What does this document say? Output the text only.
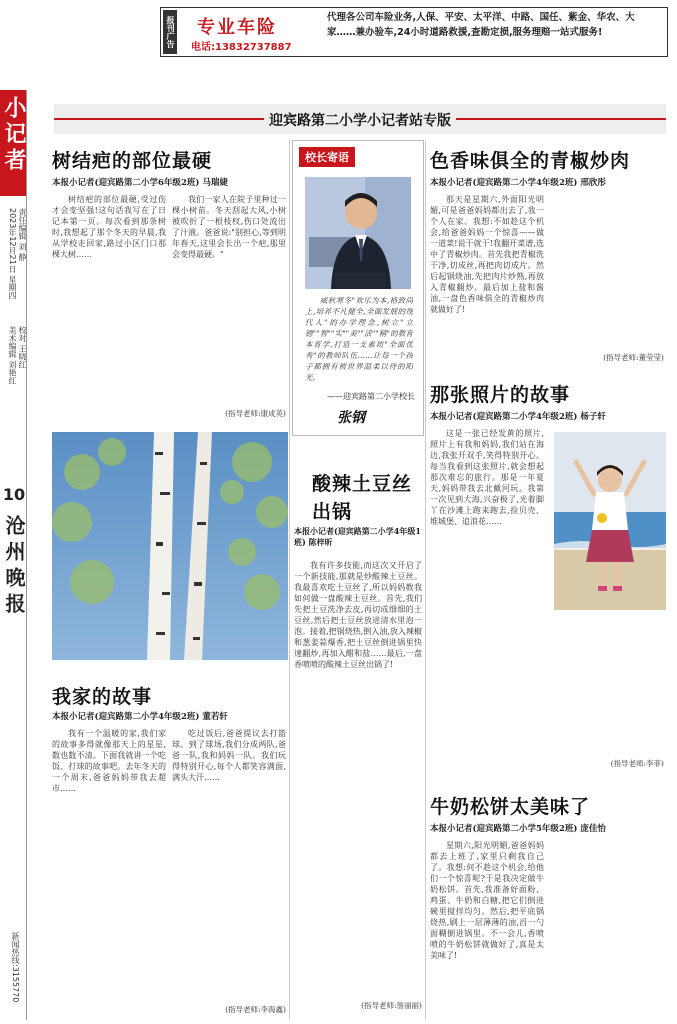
报刊广告 专业车险
电话:13832737887
代理各公司车险业务,人保、平安、太平洋、中路、国任、紫金、华农、大家……兼办验车,24小时道路救援,查勘定损,服务理赔一站式服务!
小记者
2023年12月21日 星期四 责任编辑 刘 静
美术编辑 刘艳红 校对 王晓红
10
沧州晚报
新闻热线:3155770
迎宾路第二小学小记者站专版
树结疤的部位最硬
本报小记者(迎宾路第二小学6年级2班) 马瑞婕
树结疤的部位最硬,受过伤才会变坚强!这句话我写在了日记本第一页。每次看到那条树时,我想起了那个冬天的早晨,我从学校走回家,路过小区门口那棵大树……
我们一家人在院子里种过一棵小树苗。冬天刮起大风,小树被吹折了一根枝杈,伤口处流出了汁液。爸爸说:"别担心,等到明年春天,这里会长出一个疤,那里会变得最硬。"
(指导老师:康成英)
我家的故事
本报小记者(迎宾路第二小学4年级2班) 董若轩
我有一个温暖的家,我们家的故事多得就像那天上的星星,数也数不清。下面我就讲一个吃饭、打球的故事吧。去年冬天的一个周末,爸爸妈妈带我去超市……
吃过饭后,爸爸提议去打篮球。到了球场,我们分成两队,爸爸一队,我和妈妈一队。我们玩得特别开心,每个人都笑容满面,满头大汗……
(指导老师:李海鑫)
校长寄语
威秋寒冬"欢乐为本,格致尚上,培养不凡健全,全面发展的现代人"的办学理念,树立"立德""智""实""美""活""精"的教育本育学,打造一支素质"全面优秀"的教师队伍……让每一个孩子都拥有被世界温柔以待的阳光。
——迎宾路第二小学校长
张钢
酸辣土豆丝出锅
本报小记者(迎宾路第二小学4年级1班) 陈梓昕
我有许多技能,而这次又开启了一个新技能,那就是炒酸辣土豆丝。我最喜欢吃土豆丝了,所以妈妈教我如何做一盘酸辣土豆丝。首先,我们先把土豆洗净去皮,再切成细细的土豆丝,然后把土豆丝放进清水里泡一泡。接着,把锅烧热,倒入油,放入辣椒和葱姜蒜爆香,把土豆丝倒进锅里快速翻炒,再加入醋和盐……最后,一盘香喷喷的酸辣土豆丝出锅了!
(指导老师:詹丽丽)
色香味俱全的青椒炒肉
本报小记者(迎宾路第二小学4年级2班) 邢欣彤
那天是星期六,外面阳光明媚,可是爸爸妈妈都出去了,我一个人在家。我想:不如趁这个机会,给爸爸妈妈一个惊喜——做一道菜!说干就干!我翻开菜谱,选中了青椒炒肉。首先我把青椒洗干净,切成丝,再把肉切成片。然后起锅烧油,先把肉片炒熟,再放入青椒翻炒。最后加上盐和酱油,一盘色香味俱全的青椒炒肉就做好了!
(指导老师:董莹莹)
那张照片的故事
本报小记者(迎宾路第二小学4年级2班) 杨子轩
这是一张已经发黄的照片,照片上有我和妈妈,我们站在海边,我张开双手,笑得特别开心。每当我看到这张照片,就会想起那次难忘的旅行。那是一年夏天,妈妈带我去北戴河玩。我第一次见到大海,兴奋极了,光着脚丫在沙滩上跑来跑去,捡贝壳、堆城堡、追浪花……
(指导老师:李菲)
牛奶松饼太美味了
本报小记者(迎宾路第二小学5年级2班) 庞佳怡
星期六,阳光明媚,爸爸妈妈都去上班了,家里只剩我自己了。我想:何不趁这个机会,给他们一个惊喜呢?于是我决定做牛奶松饼。首先,我准备好面粉、鸡蛋、牛奶和白糖,把它们倒进碗里搅拌均匀。然后,把平底锅烧热,刷上一层薄薄的油,舀一勺面糊倒进锅里。不一会儿,香喷喷的牛奶松饼就做好了,真是太美味了!
